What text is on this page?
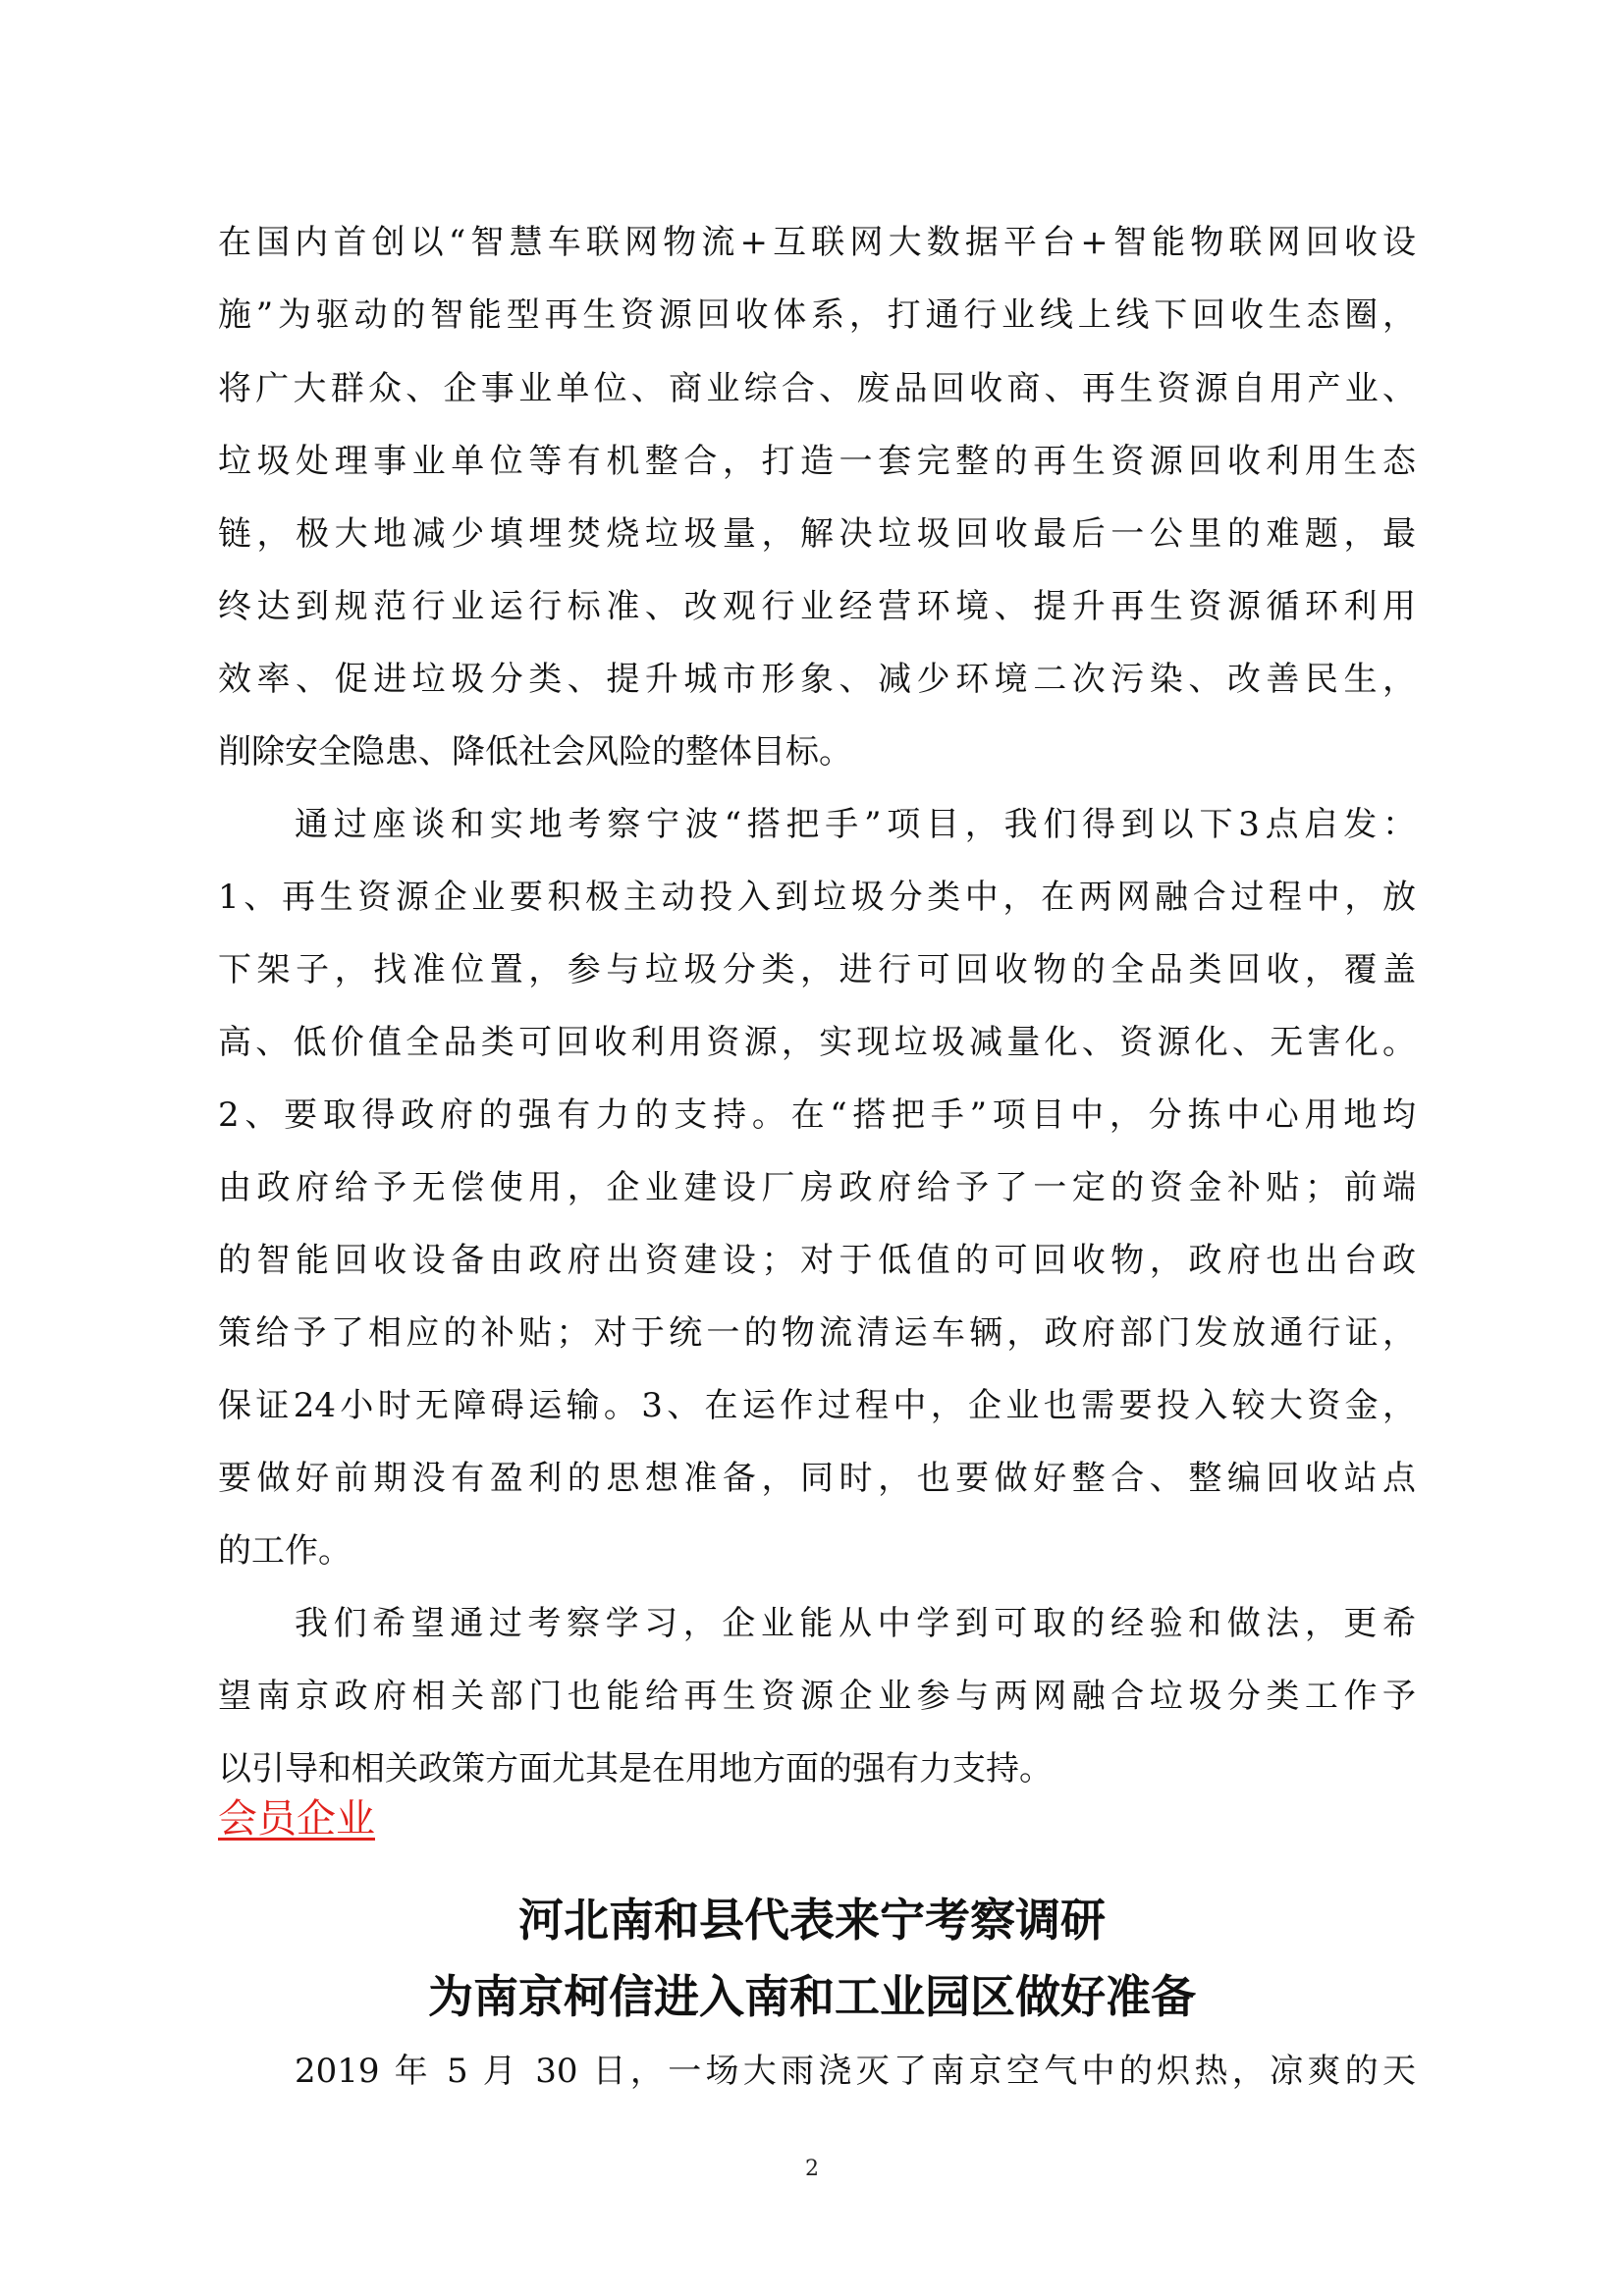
在国内首创以“智慧车联网物流+互联网大数据平台+智能物联网回收设
施”为驱动的智能型再生资源回收体系，打通行业线上线下回收生态圈，
将广大群众、企事业单位、商业综合、废品回收商、再生资源自用产业、
垃圾处理事业单位等有机整合，打造一套完整的再生资源回收利用生态
链，极大地减少填埋焚烧垃圾量，解决垃圾回收最后一公里的难题，最
终达到规范行业运行标准、改观行业经营环境、提升再生资源循环利用
效率、促进垃圾分类、提升城市形象、减少环境二次污染、改善民生，
削除安全隐患、降低社会风险的整体目标。
通过座谈和实地考察宁波“搭把手”项目，我们得到以下3点启发：
1、再生资源企业要积极主动投入到垃圾分类中，在两网融合过程中，放
下架子，找准位置，参与垃圾分类，进行可回收物的全品类回收，覆盖
高、低价值全品类可回收利用资源，实现垃圾减量化、资源化、无害化。
2、要取得政府的强有力的支持。在“搭把手”项目中，分拣中心用地均
由政府给予无偿使用，企业建设厂房政府给予了一定的资金补贴；前端
的智能回收设备由政府出资建设；对于低值的可回收物，政府也出台政
策给予了相应的补贴；对于统一的物流清运车辆，政府部门发放通行证，
保证24小时无障碍运输。3、在运作过程中，企业也需要投入较大资金，
要做好前期没有盈利的思想准备，同时，也要做好整合、整编回收站点
的工作。
我们希望通过考察学习，企业能从中学到可取的经验和做法，更希
望南京政府相关部门也能给再生资源企业参与两网融合垃圾分类工作予
以引导和相关政策方面尤其是在用地方面的强有力支持。
会员企业
河北南和县代表来宁考察调研
为南京柯信进入南和工业园区做好准备
2019 年 5 月 30 日，一场大雨浇灭了南京空气中的炽热，凉爽的天
2
